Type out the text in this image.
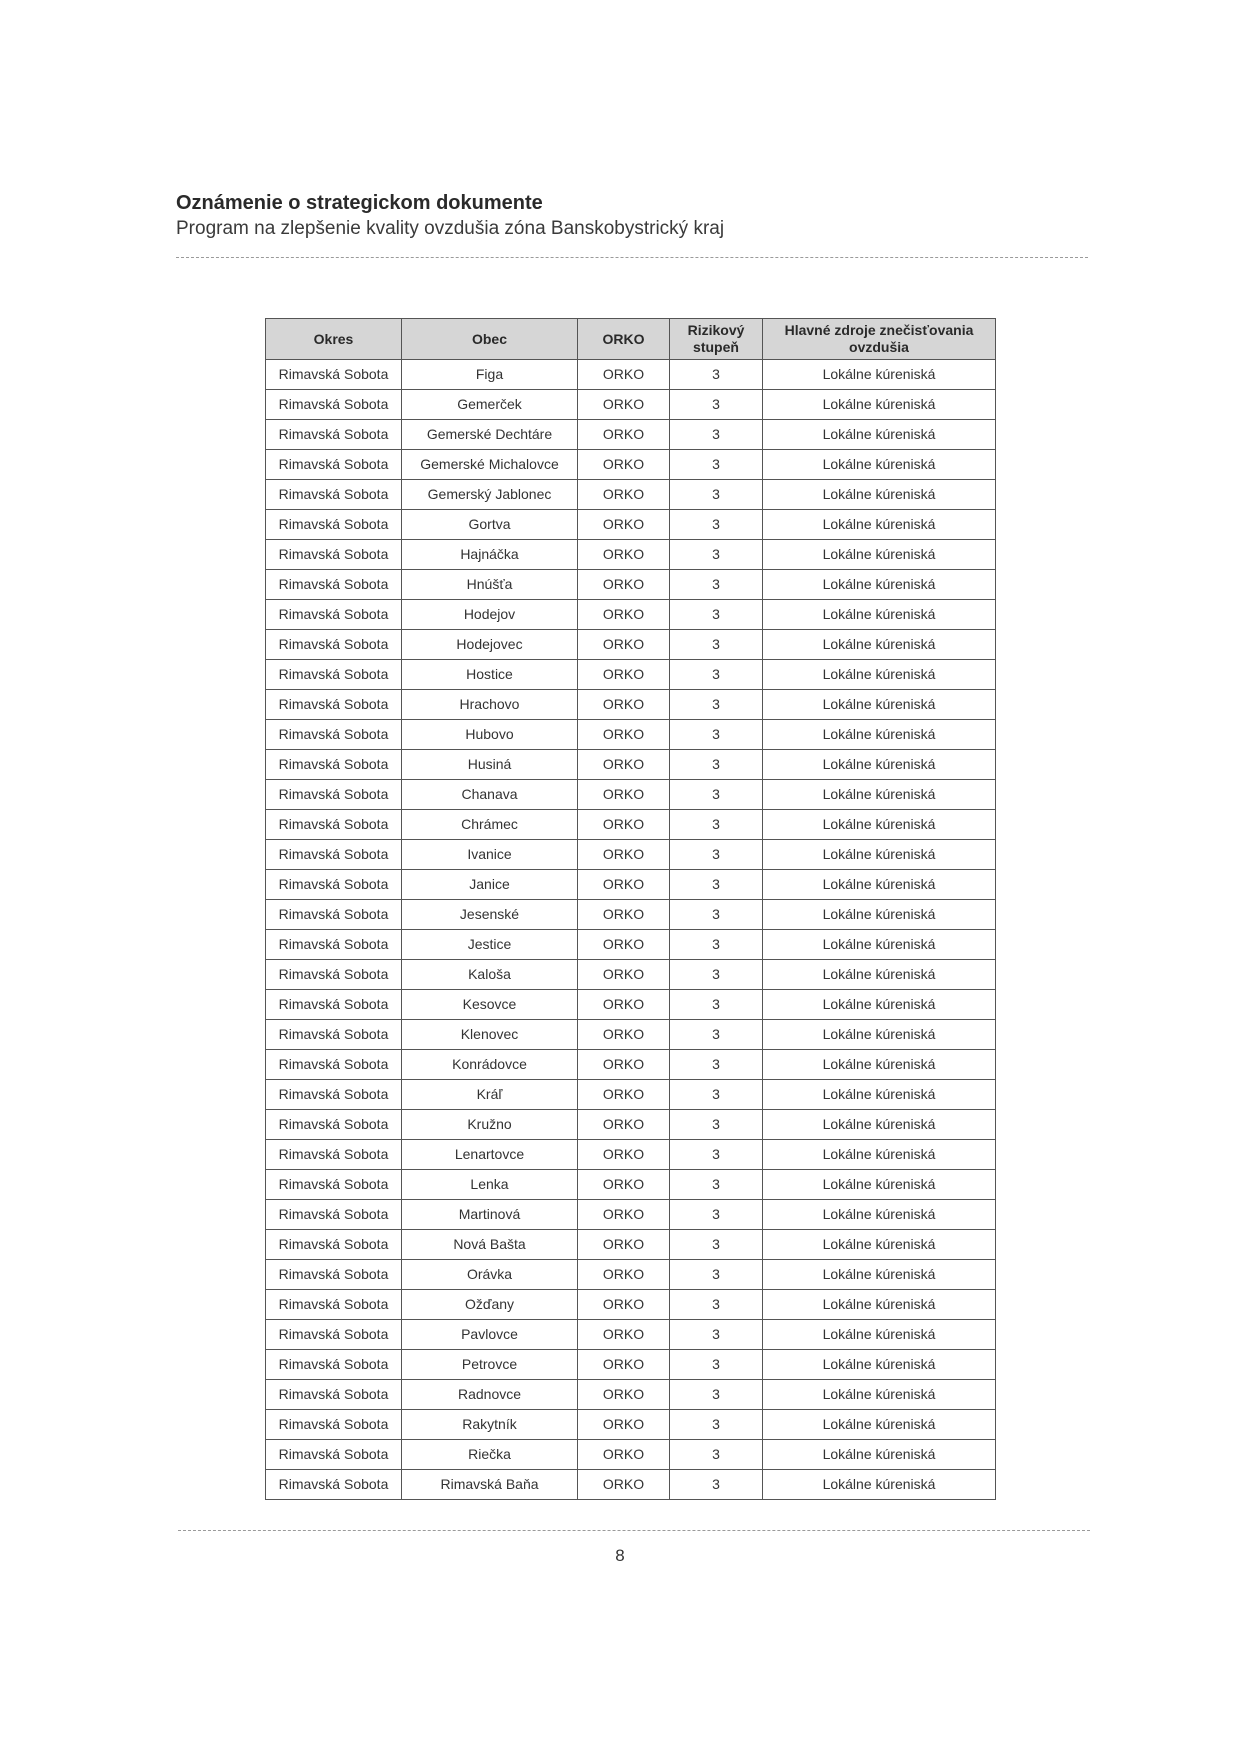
Oznámenie o strategickom dokumente

Program na zlepšenie kvality ovzdušia zóna Banskobystrický kraj

Okres	Obec	ORKO	Rizikový stupeň	Hlavné zdroje znečisťovania ovzdušia
Rimavská Sobota	Figa	ORKO	3	Lokálne kúreniská
Rimavská Sobota	Gemerček	ORKO	3	Lokálne kúreniská
Rimavská Sobota	Gemerské Dechtáre	ORKO	3	Lokálne kúreniská
Rimavská Sobota	Gemerské Michalovce	ORKO	3	Lokálne kúreniská
Rimavská Sobota	Gemerský Jablonec	ORKO	3	Lokálne kúreniská
Rimavská Sobota	Gortva	ORKO	3	Lokálne kúreniská
Rimavská Sobota	Hajnáčka	ORKO	3	Lokálne kúreniská
Rimavská Sobota	Hnúšťa	ORKO	3	Lokálne kúreniská
Rimavská Sobota	Hodejov	ORKO	3	Lokálne kúreniská
Rimavská Sobota	Hodejovec	ORKO	3	Lokálne kúreniská
Rimavská Sobota	Hostice	ORKO	3	Lokálne kúreniská
Rimavská Sobota	Hrachovo	ORKO	3	Lokálne kúreniská
Rimavská Sobota	Hubovo	ORKO	3	Lokálne kúreniská
Rimavská Sobota	Husiná	ORKO	3	Lokálne kúreniská
Rimavská Sobota	Chanava	ORKO	3	Lokálne kúreniská
Rimavská Sobota	Chrámec	ORKO	3	Lokálne kúreniská
Rimavská Sobota	Ivanice	ORKO	3	Lokálne kúreniská
Rimavská Sobota	Janice	ORKO	3	Lokálne kúreniská
Rimavská Sobota	Jesenské	ORKO	3	Lokálne kúreniská
Rimavská Sobota	Jestice	ORKO	3	Lokálne kúreniská
Rimavská Sobota	Kaloša	ORKO	3	Lokálne kúreniská
Rimavská Sobota	Kesovce	ORKO	3	Lokálne kúreniská
Rimavská Sobota	Klenovec	ORKO	3	Lokálne kúreniská
Rimavská Sobota	Konrádovce	ORKO	3	Lokálne kúreniská
Rimavská Sobota	Kráľ	ORKO	3	Lokálne kúreniská
Rimavská Sobota	Kružno	ORKO	3	Lokálne kúreniská
Rimavská Sobota	Lenartovce	ORKO	3	Lokálne kúreniská
Rimavská Sobota	Lenka	ORKO	3	Lokálne kúreniská
Rimavská Sobota	Martinová	ORKO	3	Lokálne kúreniská
Rimavská Sobota	Nová Bašta	ORKO	3	Lokálne kúreniská
Rimavská Sobota	Orávka	ORKO	3	Lokálne kúreniská
Rimavská Sobota	Ožďany	ORKO	3	Lokálne kúreniská
Rimavská Sobota	Pavlovce	ORKO	3	Lokálne kúreniská
Rimavská Sobota	Petrovce	ORKO	3	Lokálne kúreniská
Rimavská Sobota	Radnovce	ORKO	3	Lokálne kúreniská
Rimavská Sobota	Rakytník	ORKO	3	Lokálne kúreniská
Rimavská Sobota	Riečka	ORKO	3	Lokálne kúreniská
Rimavská Sobota	Rimavská Baňa	ORKO	3	Lokálne kúreniská
8
